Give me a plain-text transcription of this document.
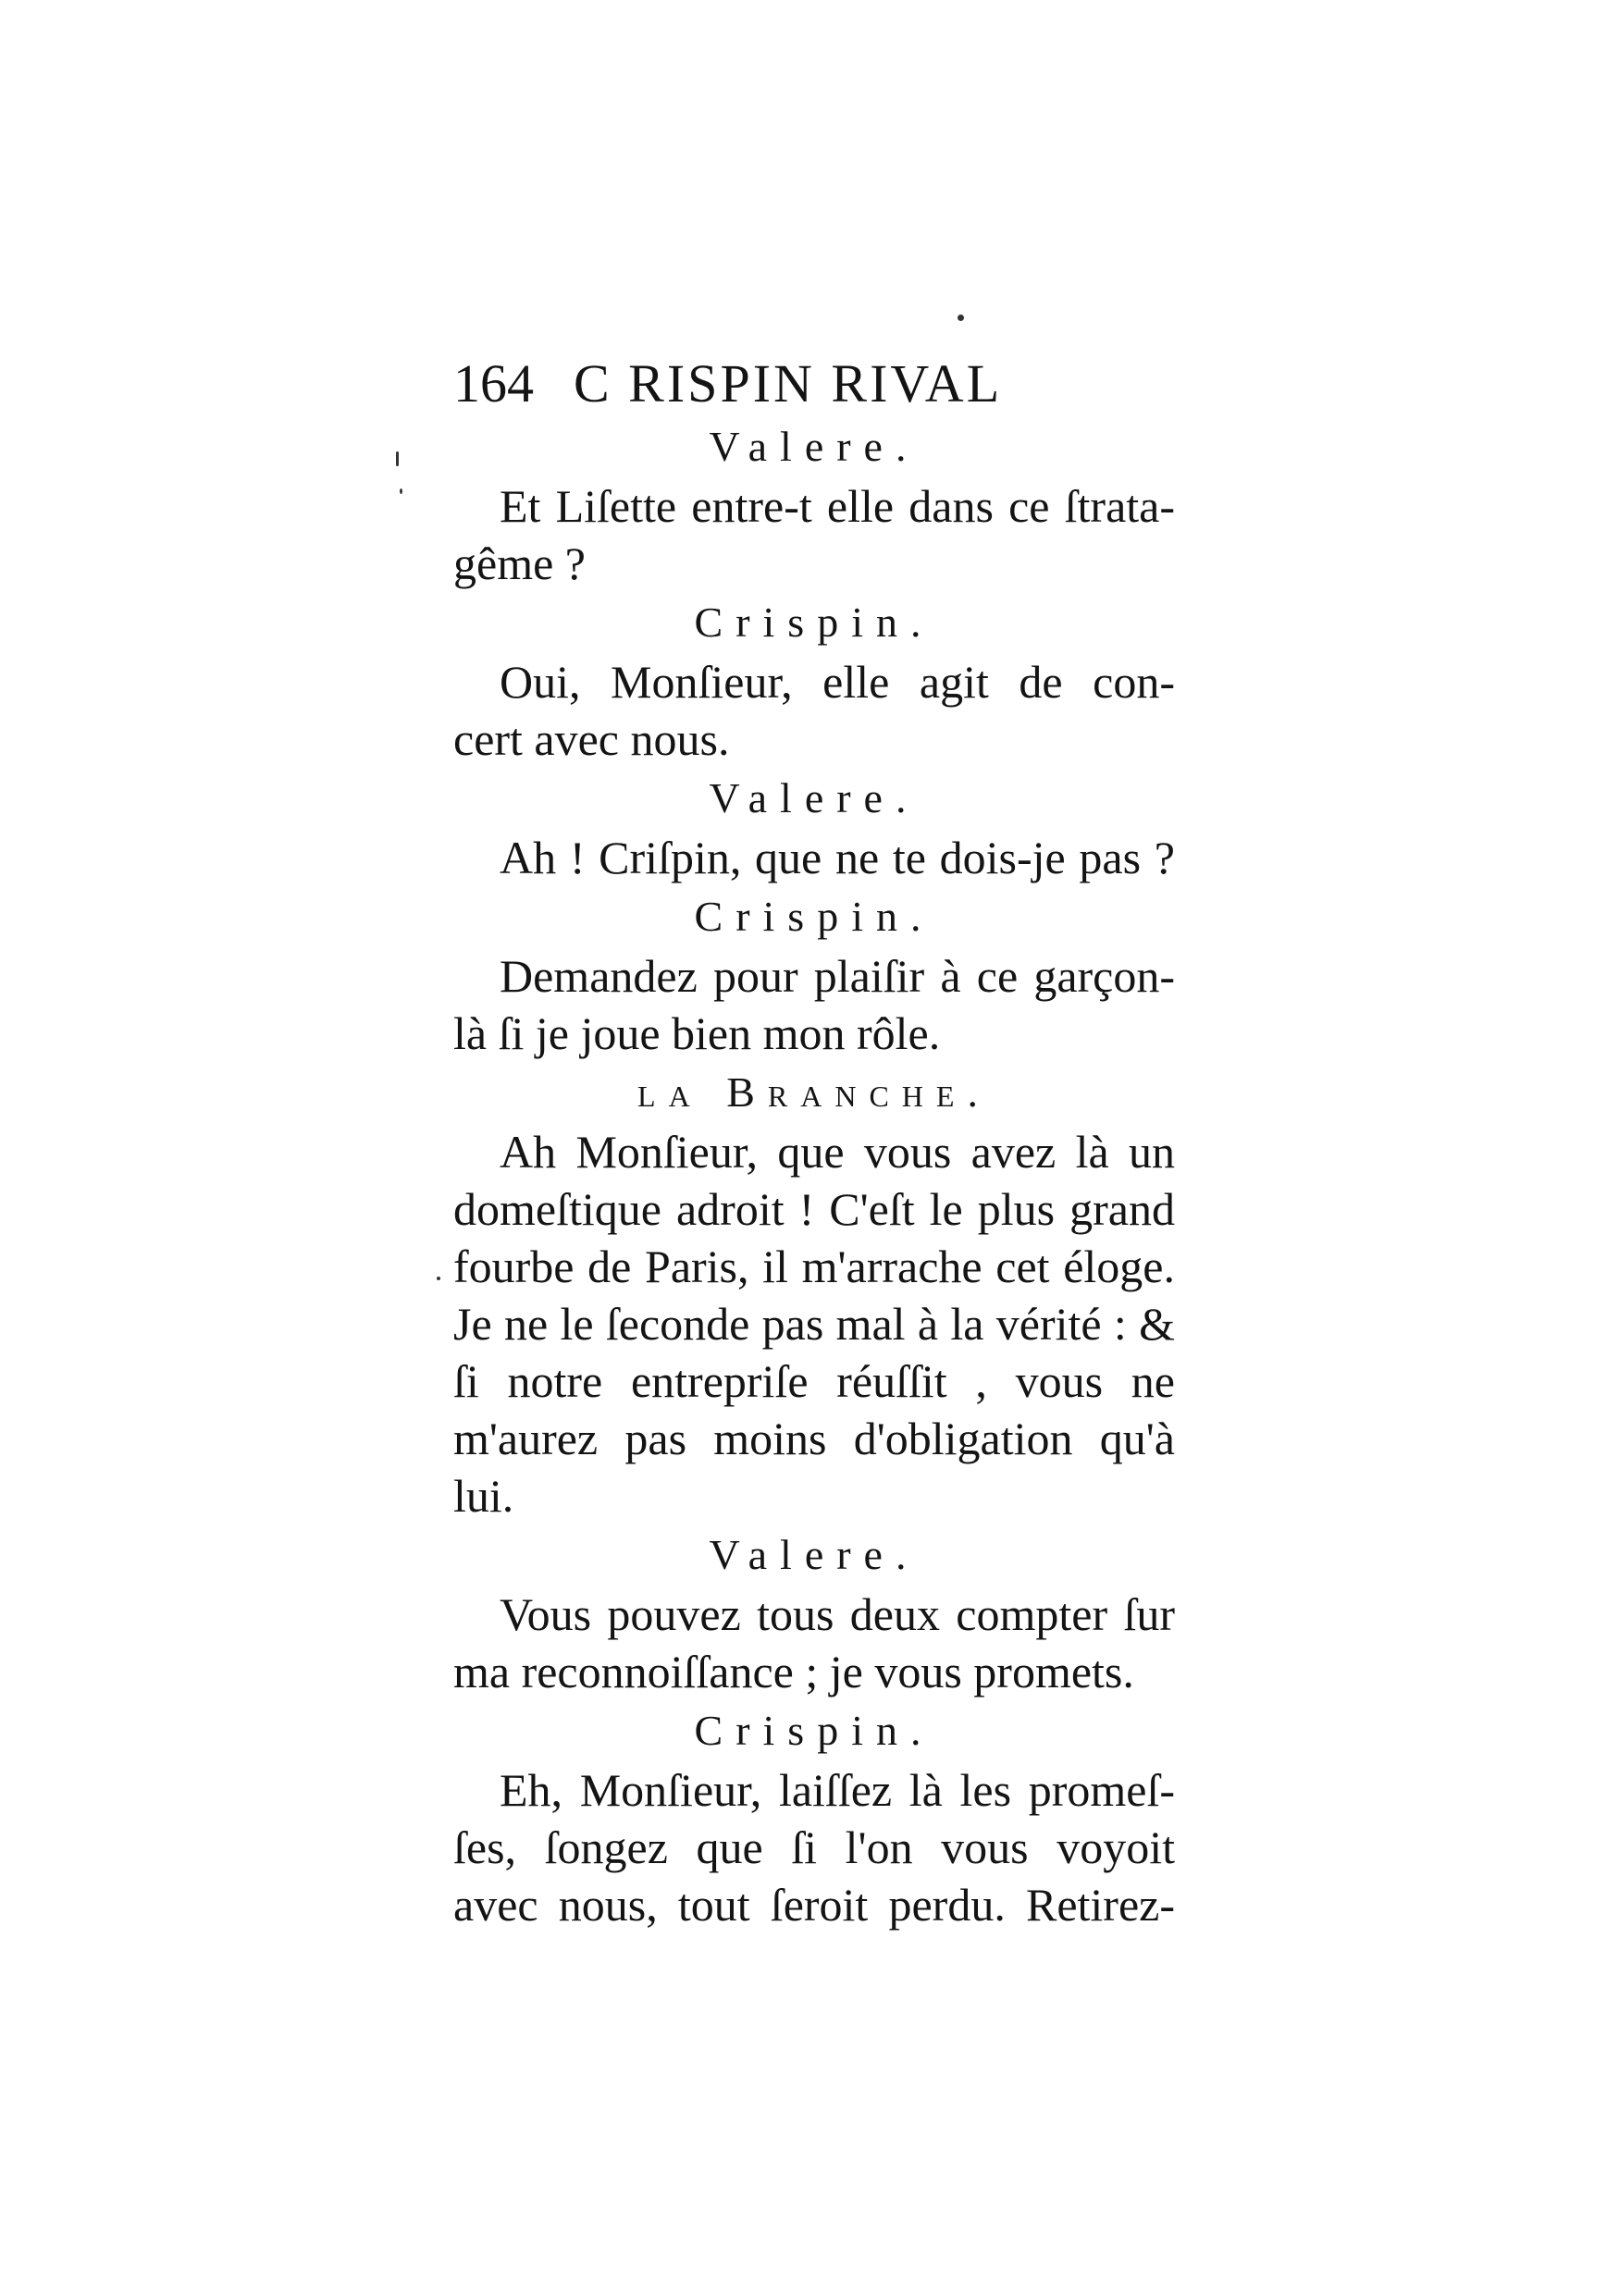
164 C RISPIN RIVAL
Valere.
Et Liſette entre-t elle dans ce ſtrata-
gême ?
Crispin.
Oui, Monſieur, elle agit de con-
cert avec nous.
Valere.
Ah ! Criſpin, que ne te dois-je pas ?
Crispin.
Demandez pour plaiſir à ce garçon-
là ſi je joue bien mon rôle.
la Branche.
Ah Monſieur, que vous avez là un
domeſtique adroit ! C'eſt le plus grand
fourbe de Paris, il m'arrache cet éloge.
Je ne le ſeconde pas mal à la vérité : &
ſi notre entrepriſe réuſſit , vous ne
m'aurez pas moins d'obligation qu'à
lui.
Valere.
Vous pouvez tous deux compter ſur
ma reconnoiſſance ; je vous promets.
Crispin.
Eh, Monſieur, laiſſez là les promeſ-
ſes, ſongez que ſi l'on vous voyoit
avec nous, tout ſeroit perdu. Retirez-
